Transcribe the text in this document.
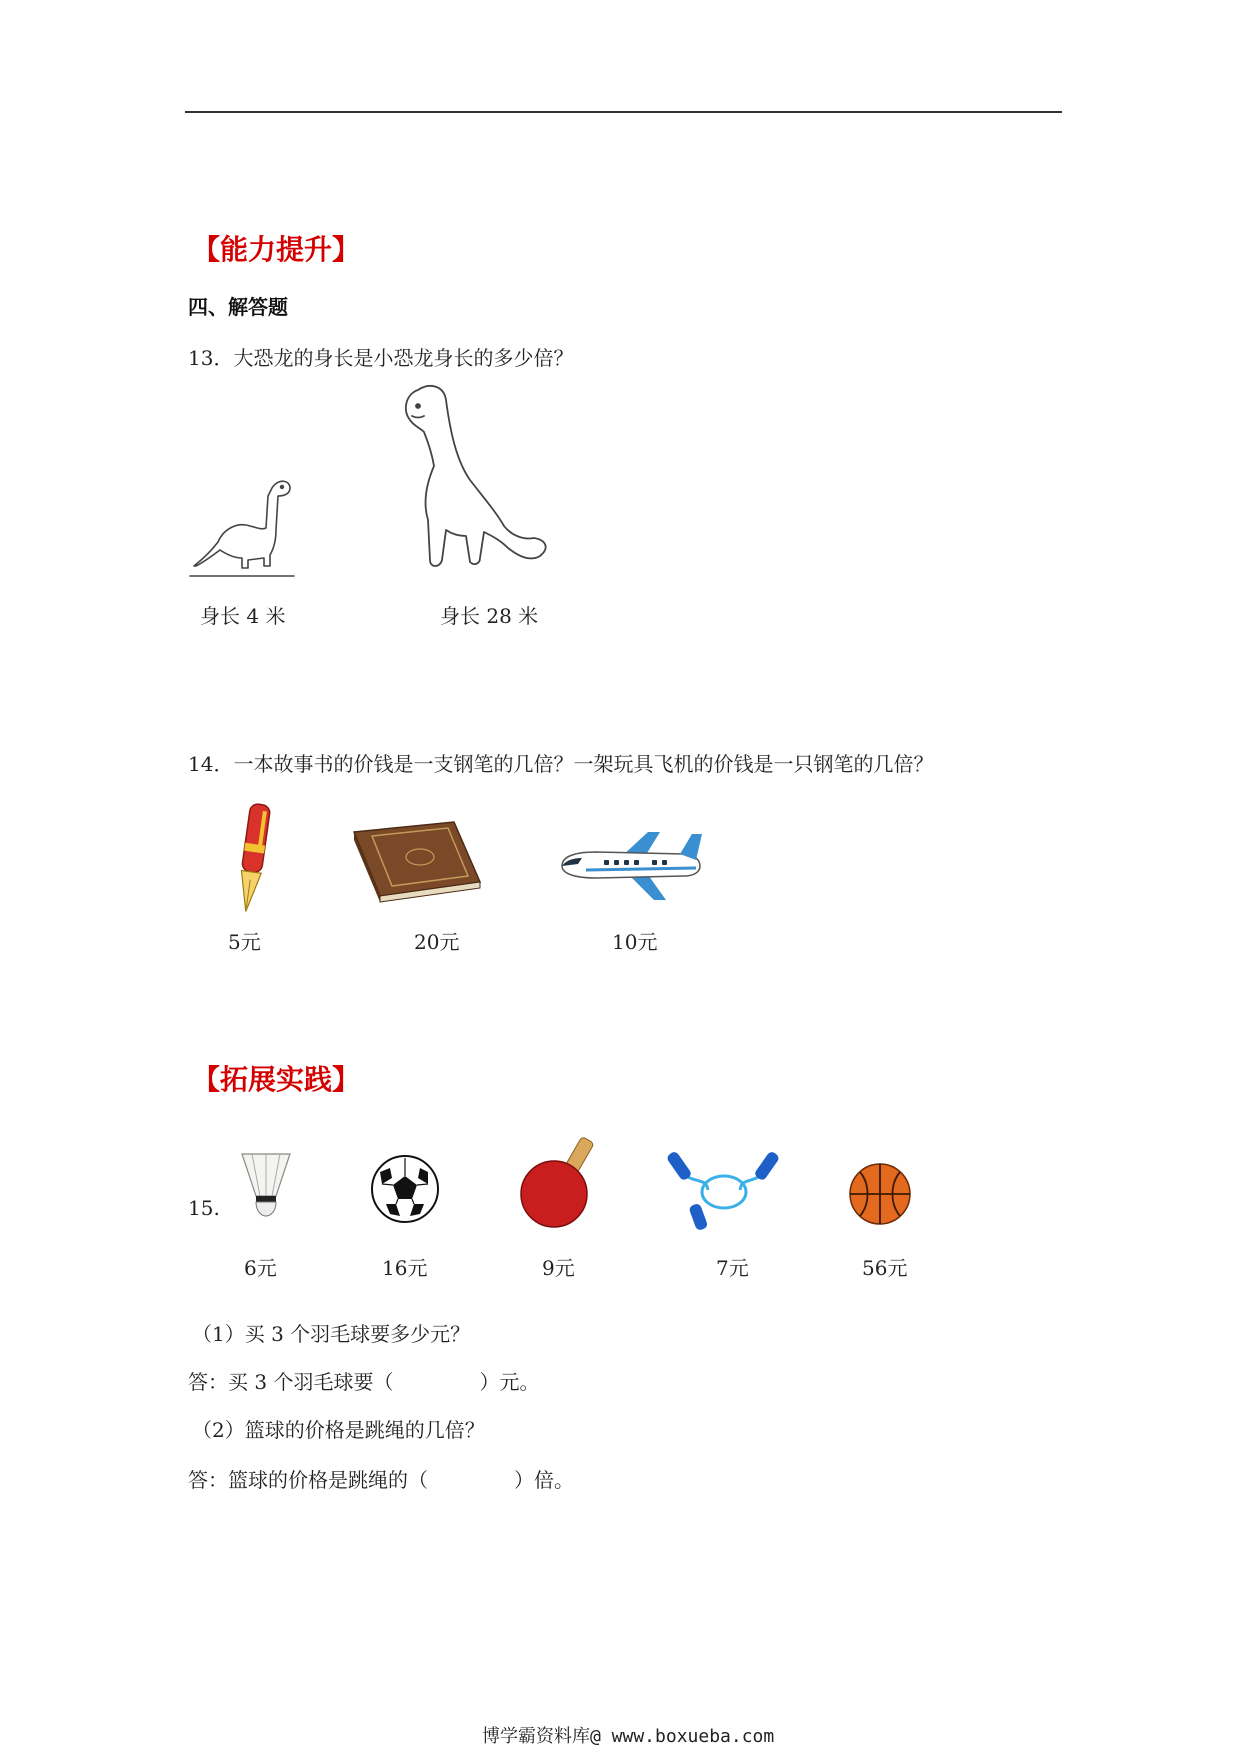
【能力提升】
四、解答题
13．大恐龙的身长是小恐龙身长的多少倍？
身长 4 米	身长 28 米
14．一本故事书的价钱是一支钢笔的几倍？一架玩具飞机的价钱是一只钢笔的几倍？
5元	20元	10元
【拓展实践】
15.
6元	16元	9元	7元	56元
（1）买 3 个羽毛球要多少元？
答：买 3 个羽毛球要（	）元。
（2）篮球的价格是跳绳的几倍？
答：篮球的价格是跳绳的（	）倍。
博学霸资料库@ www.boxueba.com
